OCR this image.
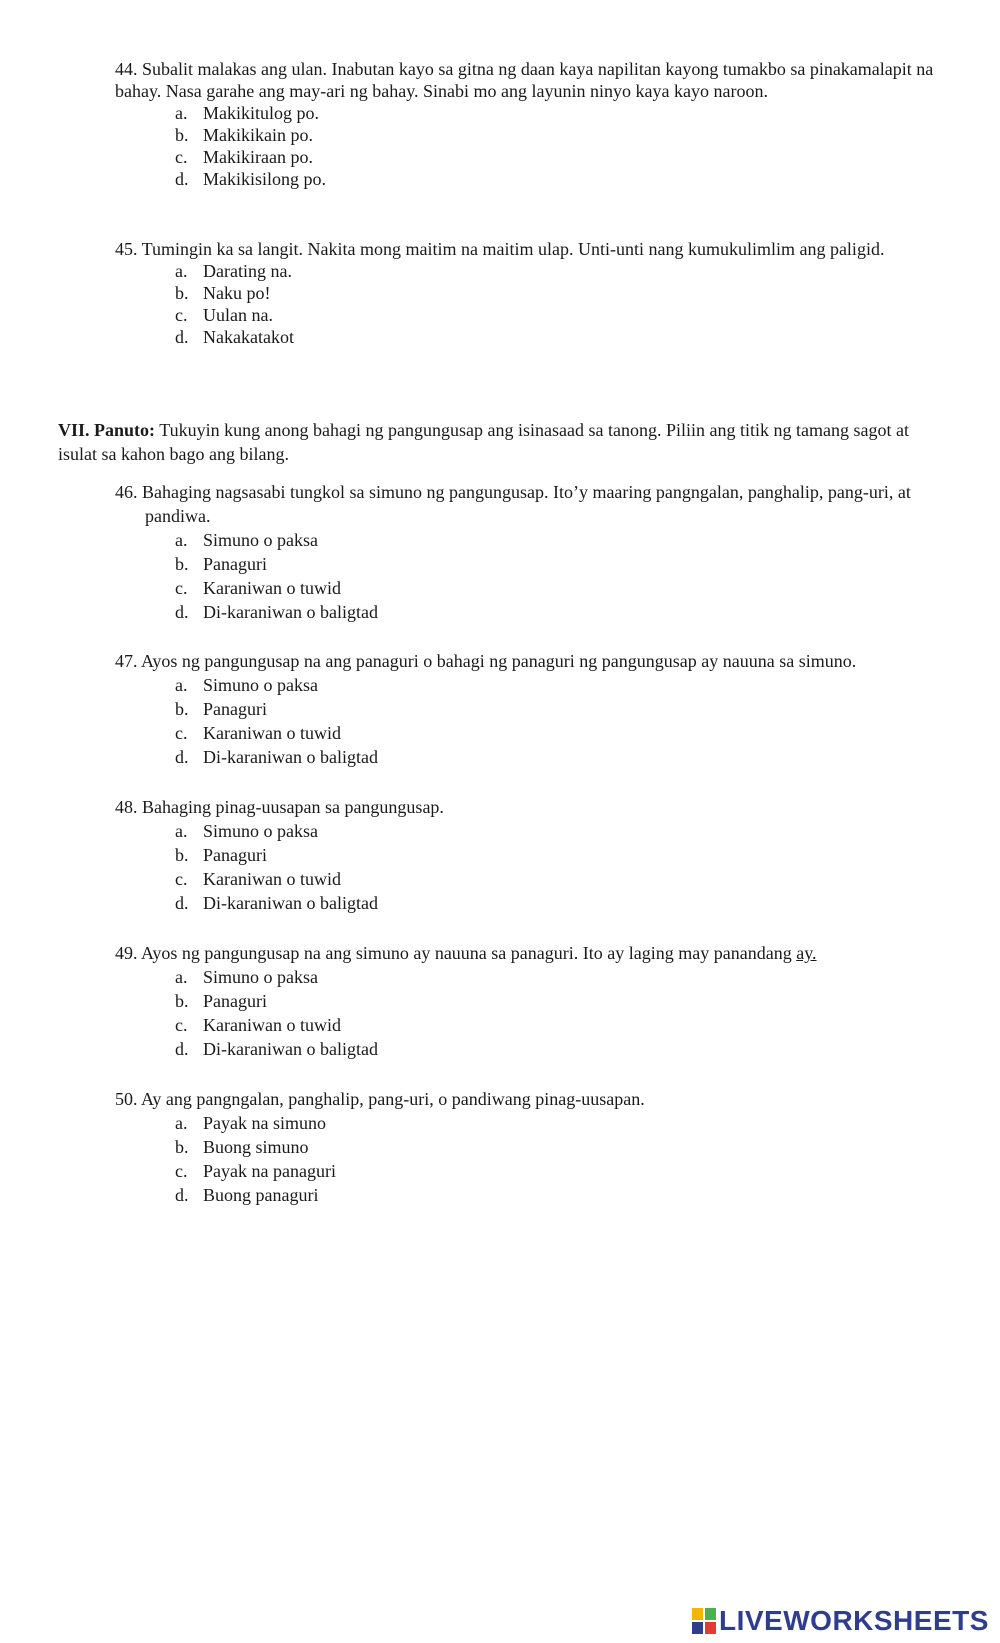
44. Subalit malakas ang ulan. Inabutan kayo sa gitna ng daan kaya napilitan kayong tumakbo sa pinakamalapit na bahay. Nasa garahe ang may-ari ng bahay. Sinabi mo ang layunin ninyo kaya kayo naroon.

a. Makikitulog po.
b. Makikikain po.
c. Makikiraan po.
d. Makikisilong po.

45. Tumingin ka sa langit. Nakita mong maitim na maitim ulap. Unti-unti nang kumukulimlim ang paligid.

a. Darating na.
b. Naku po!
c. Uulan na.
d. Nakakatakot

VII. Panuto: Tukuyin kung anong bahagi ng pangungusap ang isinasaad sa tanong. Piliin ang titik ng tamang sagot at isulat sa kahon bago ang bilang.

46. Bahaging nagsasabi tungkol sa simuno ng pangungusap. Ito’y maaring pangngalan, panghalip, pang-uri, at pandiwa.

a. Simuno o paksa
b. Panaguri
c. Karaniwan o tuwid
d. Di-karaniwan o baligtad

47. Ayos ng pangungusap na ang panaguri o bahagi ng panaguri ng pangungusap ay nauuna sa simuno.

a. Simuno o paksa
b. Panaguri
c. Karaniwan o tuwid
d. Di-karaniwan o baligtad

48. Bahaging pinag-uusapan sa pangungusap.

a. Simuno o paksa
b. Panaguri
c. Karaniwan o tuwid
d. Di-karaniwan o baligtad

49. Ayos ng pangungusap na ang simuno ay nauuna sa panaguri. Ito ay laging may panandang ay.

a. Simuno o paksa
b. Panaguri
c. Karaniwan o tuwid
d. Di-karaniwan o baligtad

50. Ay ang pangngalan, panghalip, pang-uri, o pandiwang pinag-uusapan.

a. Payak na simuno
b. Buong simuno
c. Payak na panaguri
d. Buong panaguri
LIVEWORKSHEETS
